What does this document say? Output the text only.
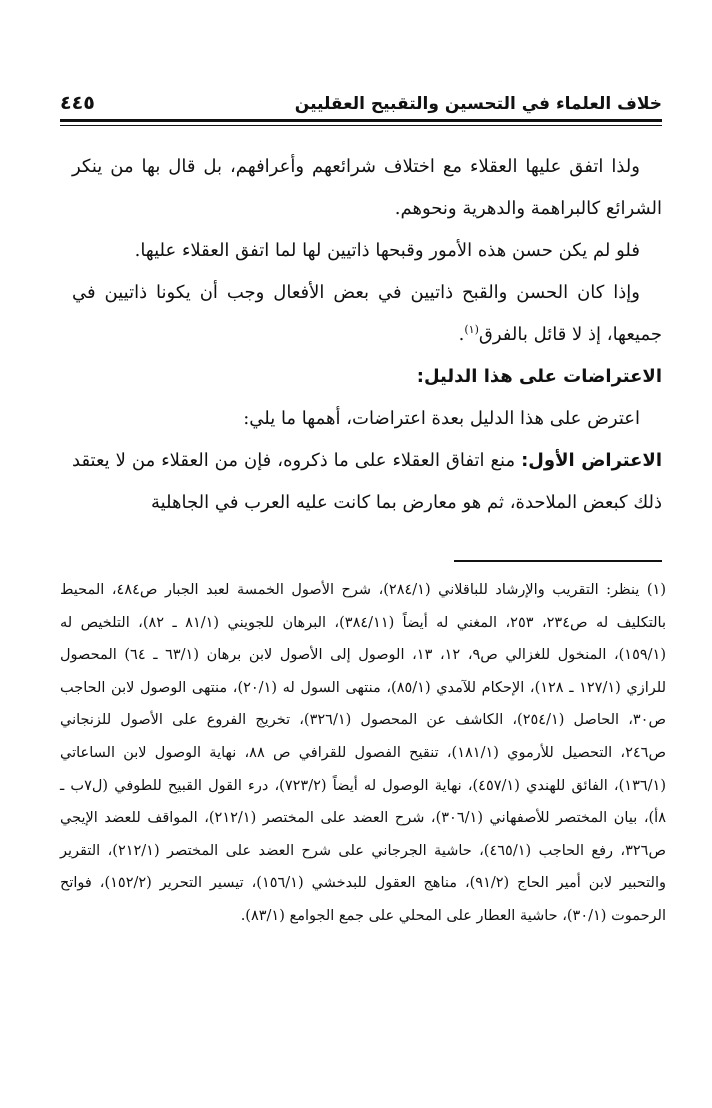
خلاف العلماء في التحسين والتقبيح العقليين
٤٤٥

ولذا اتفق عليها العقلاء مع اختلاف شرائعهم وأعرافهم، بل قال بها من ينكر الشرائع كالبراهمة والدهرية ونحوهم.

فلو لم يكن حسن هذه الأمور وقبحها ذاتيين لها لما اتفق العقلاء عليها.

وإذا كان الحسن والقبح ذاتيين في بعض الأفعال وجب أن يكونا ذاتيين في جميعها، إذ لا قائل بالفرق$^{(١)}$.

الاعتراضات على هذا الدليل:

اعترض على هذا الدليل بعدة اعتراضات، أهمها ما يلي:

الاعتراض الأول: منع اتفاق العقلاء على ما ذكروه، فإن من العقلاء من لا يعتقد ذلك كبعض الملاحدة، ثم هو معارض بما كانت عليه العرب في الجاهلية

(١) ينظر: التقريب والإرشاد للباقلاني (٢٨٤/١)، شرح الأصول الخمسة لعبد الجبار ص٤٨٤، المحيط بالتكليف له ص٢٣٤، ٢٥٣، المغني له أيضاً (٣٨٤/١١)، البرهان للجويني (٨١/١ ـ ٨٢)، التلخيص له (١٥٩/١)، المنخول للغزالي ص٩، ١٢، ١٣، الوصول إلى الأصول لابن برهان (٦٣/١ ـ ٦٤) المحصول للرازي (١٢٧/١ ـ ١٢٨)، الإحكام للآمدي (٨٥/١)، منتهى السول له (٢٠/١)، منتهى الوصول لابن الحاجب ص٣٠، الحاصل (٢٥٤/١)، الكاشف عن المحصول (٣٢٦/١)، تخريج الفروع على الأصول للزنجاني ص٢٤٦، التحصيل للأرموي (١٨١/١)، تنقيح الفصول للقرافي ص ٨٨، نهاية الوصول لابن الساعاتي (١٣٦/١)، الفائق للهندي (٤٥٧/١)، نهاية الوصول له أيضاً (٧٢٣/٢)، درء القول القبيح للطوفي (ل٧ب ـ ٨أ)، بيان المختصر للأصفهاني (٣٠٦/١)، شرح العضد على المختصر (٢١٢/١)، المواقف للعضد الإيجي ص٣٢٦، رفع الحاجب (٤٦٥/١)، حاشية الجرجاني على شرح العضد على المختصر (٢١٢/١)، التقرير والتحبير لابن أمير الحاج (٩١/٢)، مناهج العقول للبدخشي (١٥٦/١)، تيسير التحرير (١٥٢/٢)، فواتح الرحموت (٣٠/١)، حاشية العطار على المحلي على جمع الجوامع (٨٣/١).
